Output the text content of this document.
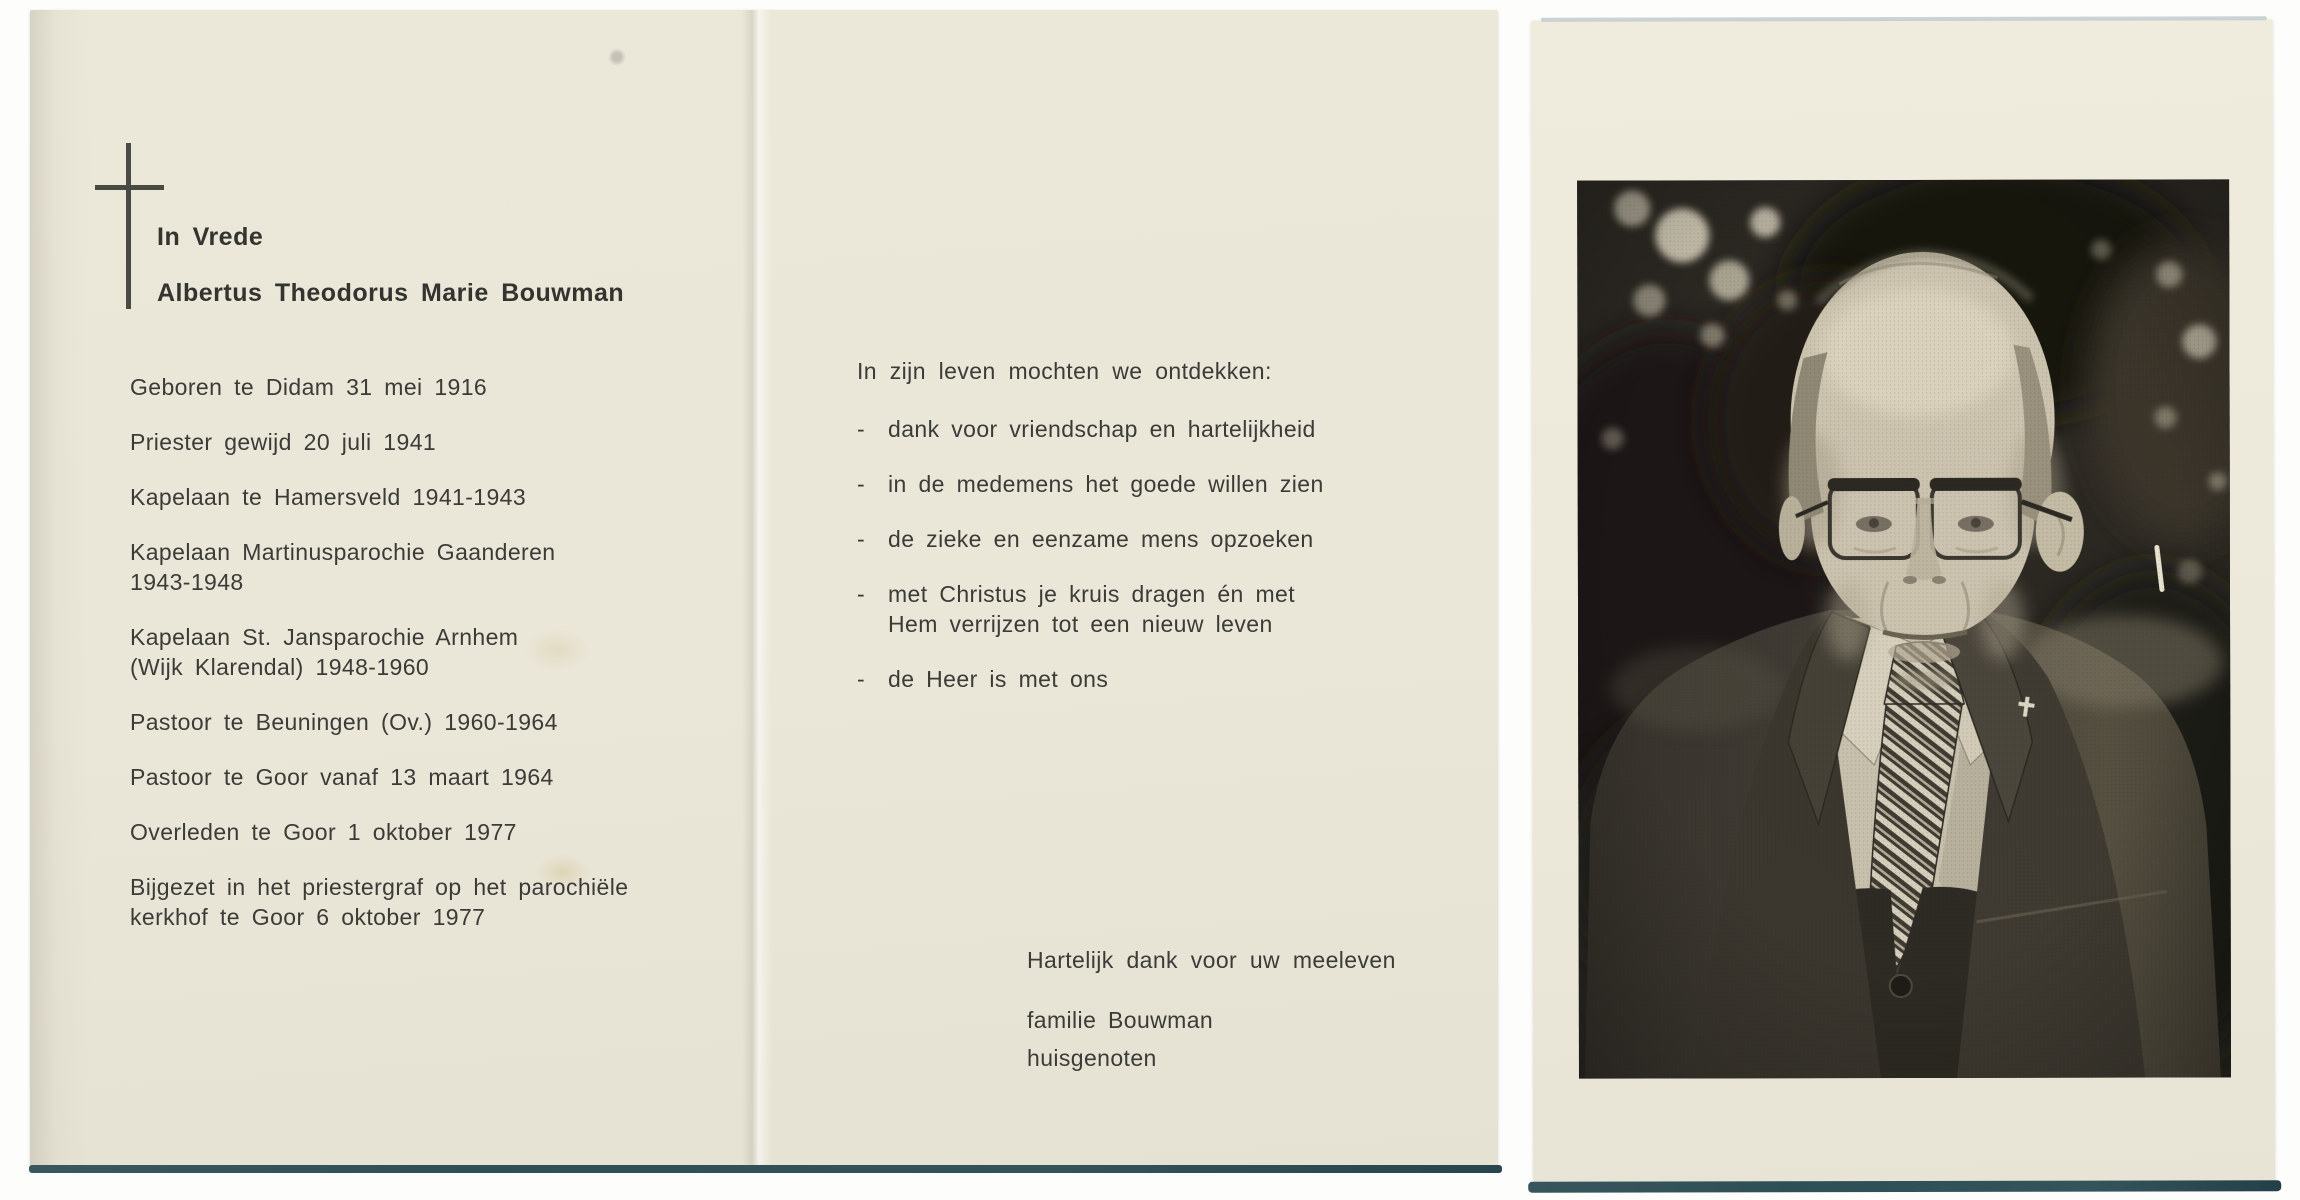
In Vrede
Albertus Theodorus Marie Bouwman

Geboren te Didam 31 mei 1916

Priester gewijd 20 juli 1941

Kapelaan te Hamersveld 1941-1943

Kapelaan Martinusparochie Gaanderen
1943-1948

Kapelaan St. Jansparochie Arnhem
(Wijk Klarendal) 1948-1960

Pastoor te Beuningen (Ov.) 1960-1964

Pastoor te Goor vanaf 13 maart 1964

Overleden te Goor 1 oktober 1977

Bijgezet in het priestergraf op het parochiële
kerkhof te Goor 6 oktober 1977

In zijn leven mochten we ontdekken:
-	dank voor vriendschap en hartelijkheid
-	in de medemens het goede willen zien
-	de zieke en eenzame mens opzoeken
-	met Christus je kruis dragen én met
Hem verrijzen tot een nieuw leven
-	de Heer is met ons
Hartelijk dank voor uw meeleven
familie Bouwman
huisgenoten
